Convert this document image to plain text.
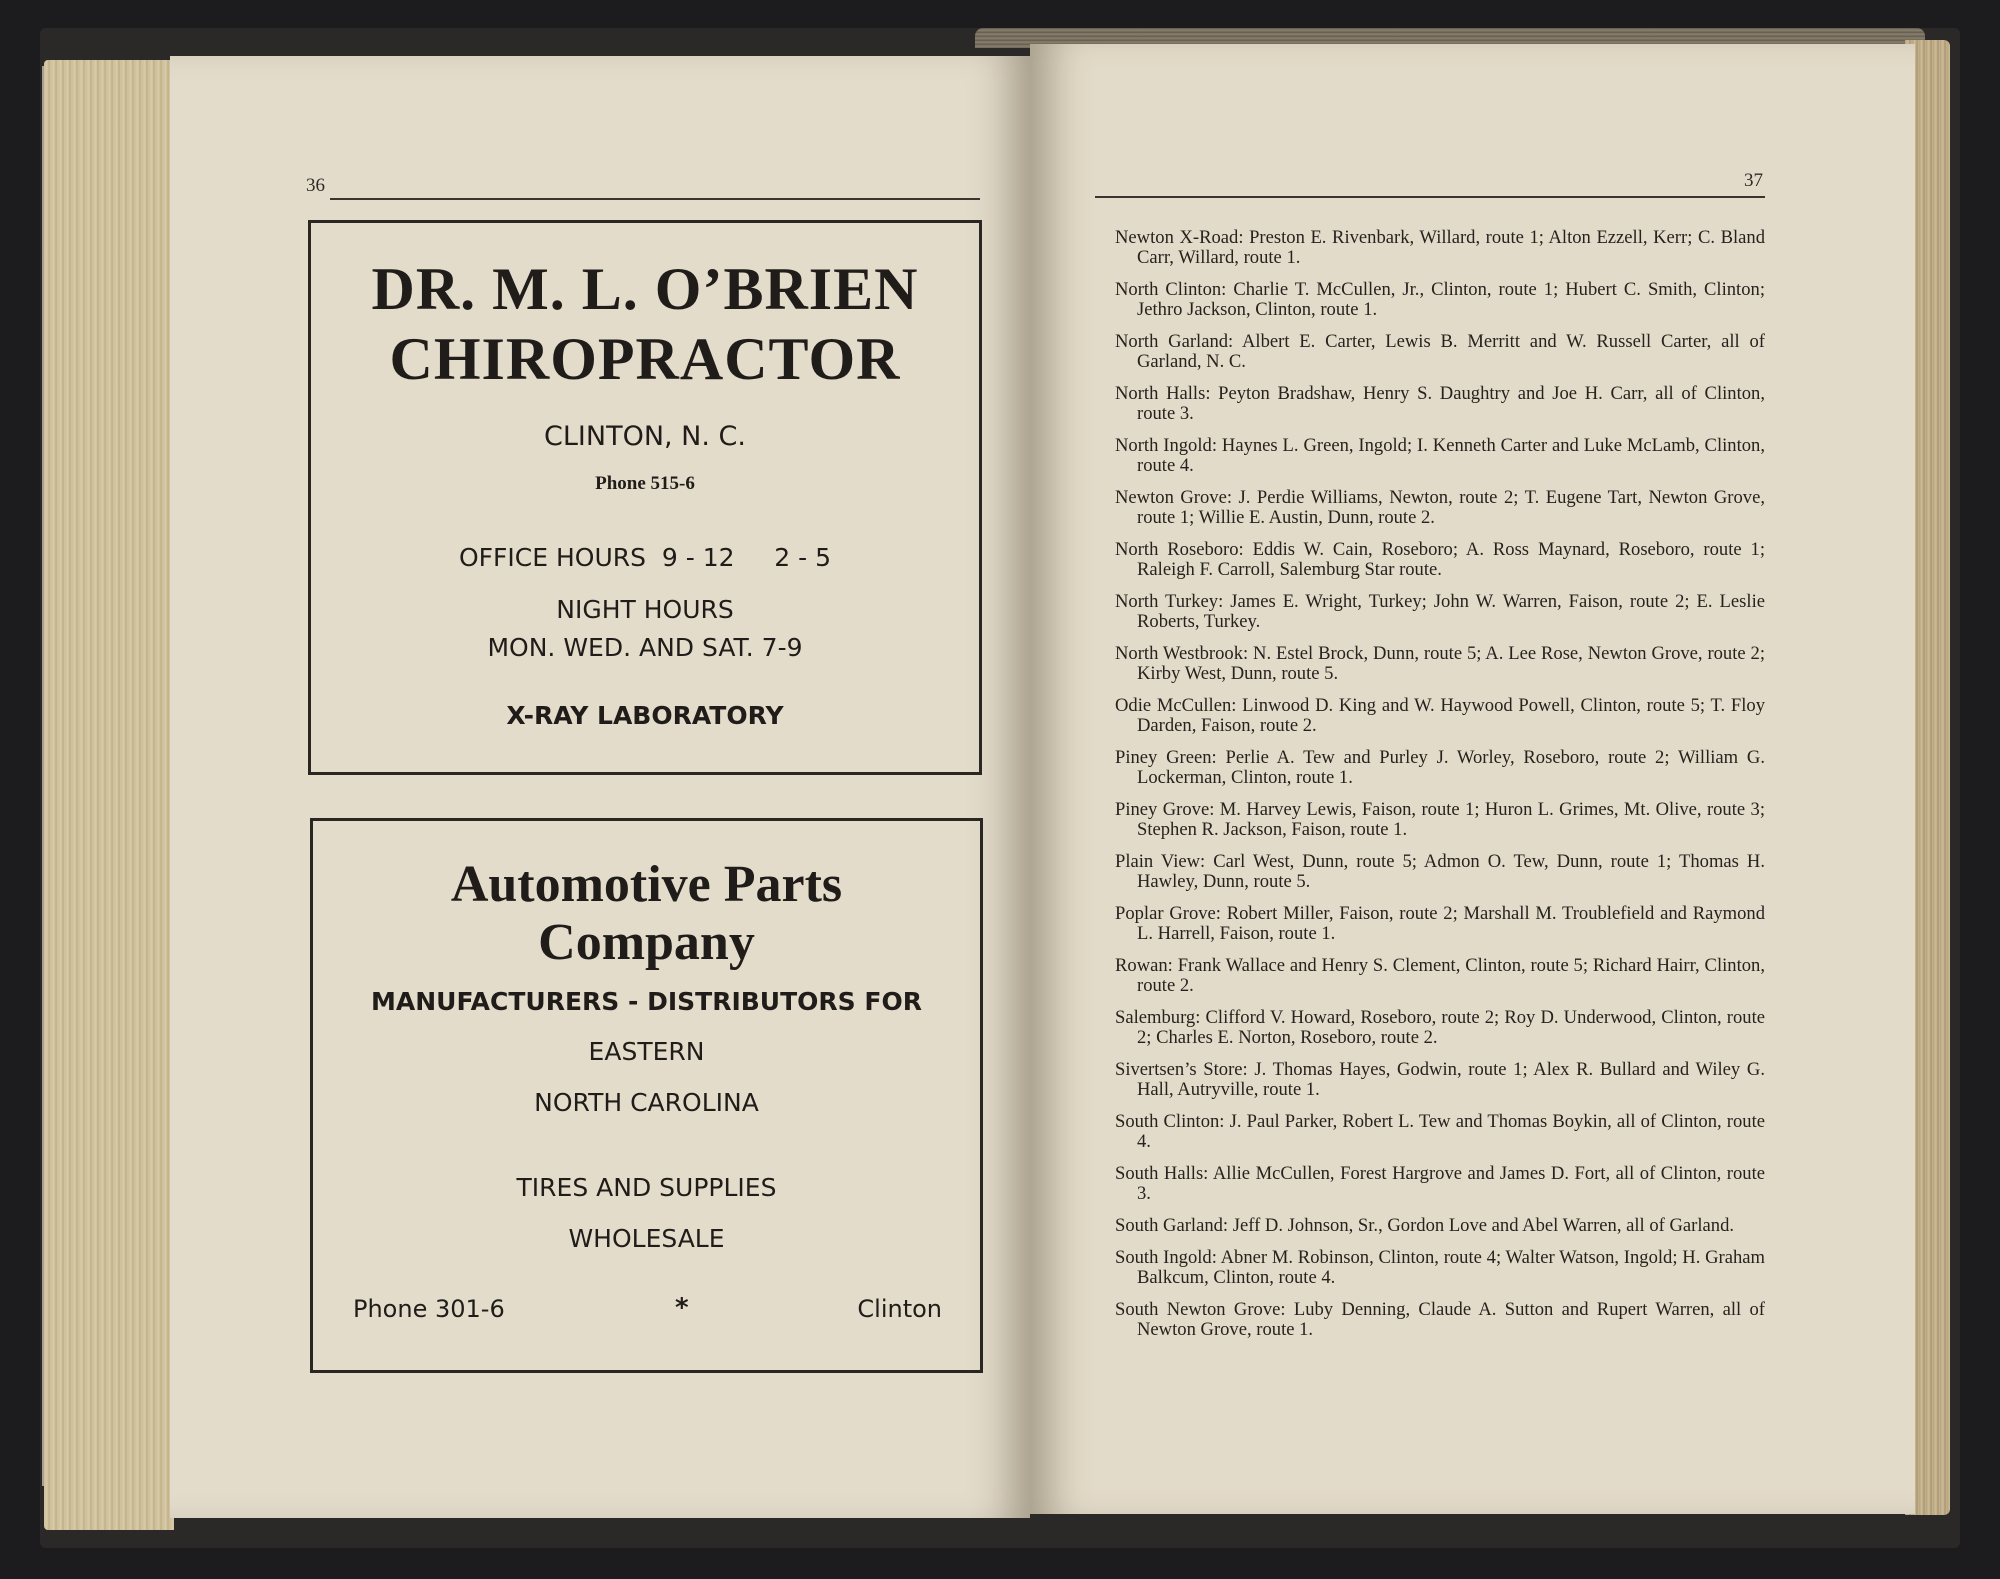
36

DR. M. L. O’BRIEN

CHIROPRACTOR

CLINTON, N. C.

Phone 515-6

OFFICE HOURS 9 - 12 2 - 5

NIGHT HOURS

MON. WED. AND SAT. 7-9

X-RAY LABORATORY

Automotive Parts

Company

MANUFACTURERS - DISTRIBUTORS FOR

EASTERN

NORTH CAROLINA

TIRES AND SUPPLIES

WHOLESALE

Phone 301-6	*	Clinton

37

Newton X-Road: Preston E. Rivenbark, Willard, route 1; Alton Ezzell, Kerr; C. Bland Carr, Willard, route 1.

North Clinton: Charlie T. McCullen, Jr., Clinton, route 1; Hubert C. Smith, Clinton; Jethro Jackson, Clinton, route 1.

North Garland: Albert E. Carter, Lewis B. Merritt and W. Russell Carter, all of Garland, N. C.

North Halls: Peyton Bradshaw, Henry S. Daughtry and Joe H. Carr, all of Clinton, route 3.

North Ingold: Haynes L. Green, Ingold; I. Kenneth Carter and Luke McLamb, Clinton, route 4.

Newton Grove: J. Perdie Williams, Newton, route 2; T. Eugene Tart, Newton Grove, route 1; Willie E. Austin, Dunn, route 2.

North Roseboro: Eddis W. Cain, Roseboro; A. Ross Maynard, Roseboro, route 1; Raleigh F. Carroll, Salemburg Star route.

North Turkey: James E. Wright, Turkey; John W. Warren, Faison, route 2; E. Leslie Roberts, Turkey.

North Westbrook: N. Estel Brock, Dunn, route 5; A. Lee Rose, Newton Grove, route 2; Kirby West, Dunn, route 5.

Odie McCullen: Linwood D. King and W. Haywood Powell, Clinton, route 5; T. Floy Darden, Faison, route 2.

Piney Green: Perlie A. Tew and Purley J. Worley, Roseboro, route 2; William G. Lockerman, Clinton, route 1.

Piney Grove: M. Harvey Lewis, Faison, route 1; Huron L. Grimes, Mt. Olive, route 3; Stephen R. Jackson, Faison, route 1.

Plain View: Carl West, Dunn, route 5; Admon O. Tew, Dunn, route 1; Thomas H. Hawley, Dunn, route 5.

Poplar Grove: Robert Miller, Faison, route 2; Marshall M. Troublefield and Raymond L. Harrell, Faison, route 1.

Rowan: Frank Wallace and Henry S. Clement, Clinton, route 5; Richard Hairr, Clinton, route 2.

Salemburg: Clifford V. Howard, Roseboro, route 2; Roy D. Underwood, Clinton, route 2; Charles E. Norton, Roseboro, route 2.

Sivertsen’s Store: J. Thomas Hayes, Godwin, route 1; Alex R. Bullard and Wiley G. Hall, Autryville, route 1.

South Clinton: J. Paul Parker, Robert L. Tew and Thomas Boykin, all of Clinton, route 4.

South Halls: Allie McCullen, Forest Hargrove and James D. Fort, all of Clinton, route 3.

South Garland: Jeff D. Johnson, Sr., Gordon Love and Abel Warren, all of Garland.

South Ingold: Abner M. Robinson, Clinton, route 4; Walter Watson, Ingold; H. Graham Balkcum, Clinton, route 4.

South Newton Grove: Luby Denning, Claude A. Sutton and Rupert Warren, all of Newton Grove, route 1.
